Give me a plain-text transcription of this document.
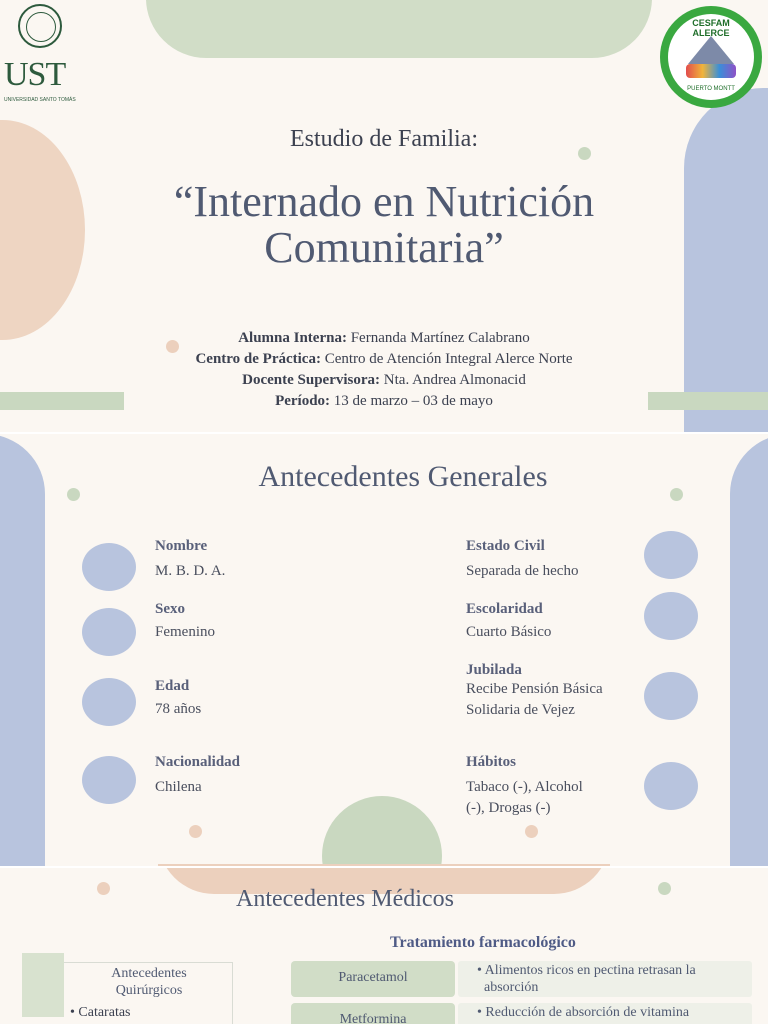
UST
UNIVERSIDAD SANTO TOMÁS
CESFAM ALERCE
PUERTO MONTT
Estudio de Familia:
“Internado en Nutrición
Comunitaria”
Alumna Interna: Fernanda Martínez Calabrano
Centro de Práctica: Centro de Atención Integral Alerce Norte
Docente Supervisora: Nta. Andrea Almonacid
Período: 13 de marzo – 03 de mayo
Antecedentes Generales
Nombre
M. B. D. A.
Sexo
Femenino
Edad
78 años
Nacionalidad
Chilena
Estado Civil
Separada de hecho
Escolaridad
Cuarto Básico
Jubilada
Recibe Pensión Básica
Solidaria de Vejez
Hábitos
Tabaco (-), Alcohol
(-), Drogas (-)
Antecedentes Médicos
Tratamiento farmacológico
Antecedentes
Quirúrgicos
• Cataratas
Paracetamol	• Alimentos ricos en pectina retrasan la
absorción
Metformina	• Reducción de absorción de vitamina
